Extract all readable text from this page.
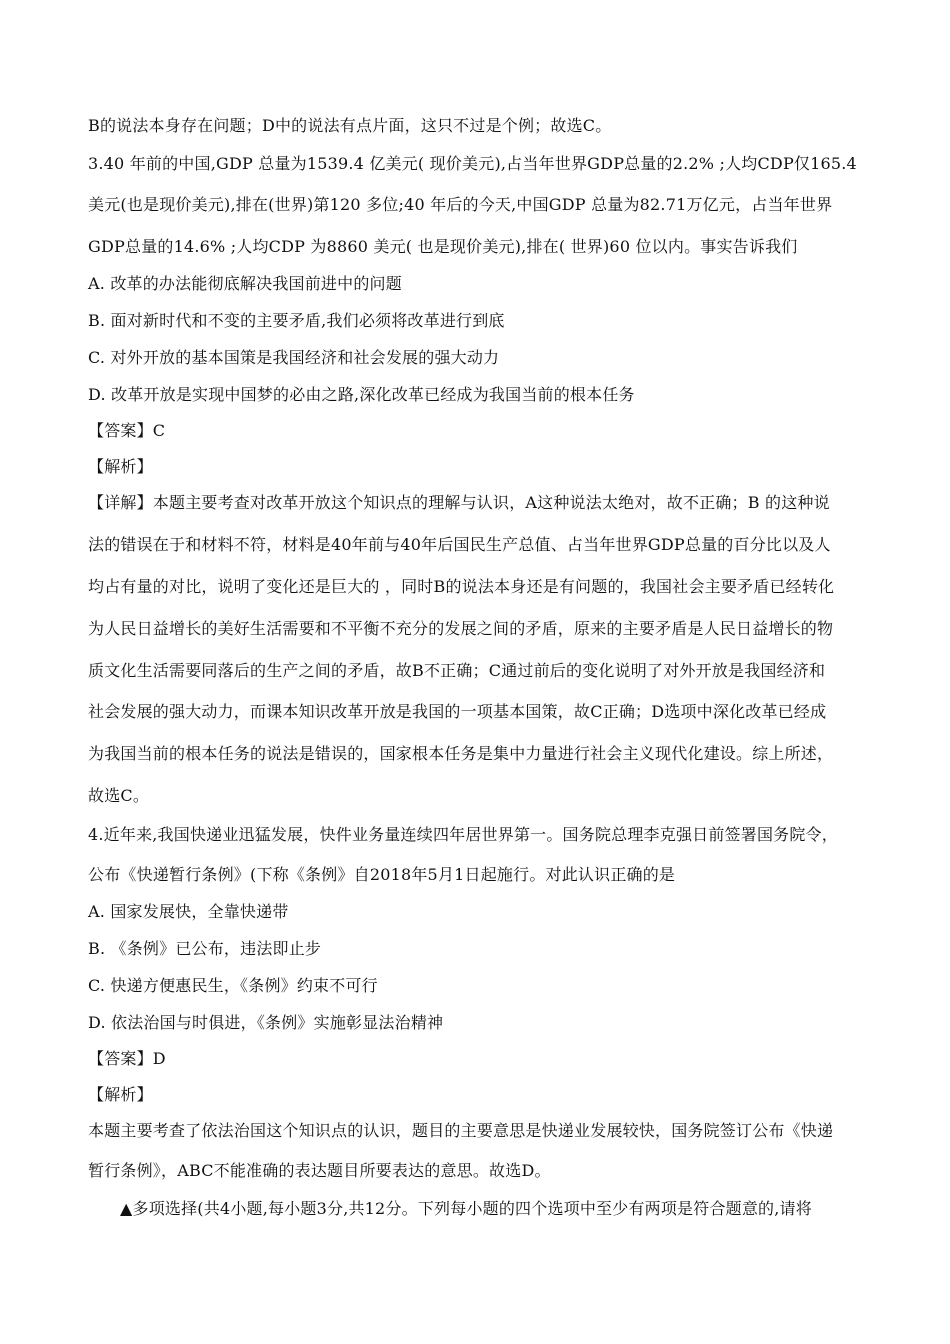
B的说法本身存在问题；D中的说法有点片面，这只不过是个例；故选C。
3.40 年前的中国,GDP 总量为1539.4 亿美元( 现价美元),占当年世界GDP总量的2.2% ;人均CDP仅165.4
美元(也是现价美元),排在(世界)第120 多位;40 年后的今天,中国GDP 总量为82.71万亿元，占当年世界
GDP总量的14.6% ;人均CDP 为8860 美元( 也是现价美元),排在( 世界)60 位以内。事实告诉我们
A. 改革的办法能彻底解决我国前进中的问题
B. 面对新时代和不变的主要矛盾,我们必须将改革进行到底
C. 对外开放的基本国策是我国经济和社会发展的强大动力
D. 改革开放是实现中国梦的必由之路,深化改革已经成为我国当前的根本任务
【答案】C
【解析】
【详解】本题主要考查对改革开放这个知识点的理解与认识，A这种说法太绝对，故不正确；B 的这种说
法的错误在于和材料不符，材料是40年前与40年后国民生产总值、占当年世界GDP总量的百分比以及人
均占有量的对比，说明了变化还是巨大的 ，同时B的说法本身还是有问题的，我国社会主要矛盾已经转化
为人民日益增长的美好生活需要和不平衡不充分的发展之间的矛盾，原来的主要矛盾是人民日益增长的物
质文化生活需要同落后的生产之间的矛盾，故B不正确；C通过前后的变化说明了对外开放是我国经济和
社会发展的强大动力，而课本知识改革开放是我国的一项基本国策，故C正确；D选项中深化改革已经成
为我国当前的根本任务的说法是错误的，国家根本任务是集中力量进行社会主义现代化建设。综上所述，
故选C。
4.近年来,我国快递业迅猛发展，快件业务量连续四年居世界第一。国务院总理李克强日前签署国务院令，
公布《快递暂行条例》(下称《条例》自2018年5月1日起施行。对此认识正确的是
A. 国家发展快，全靠快递带
B. 《条例》已公布，违法即止步
C. 快递方便惠民生，《条例》约束不可行
D. 依法治国与时俱进，《条例》实施彰显法治精神
【答案】D
【解析】
本题主要考查了依法治国这个知识点的认识，题目的主要意思是快递业发展较快，国务院签订公布《快递
暂行条例》，ABC不能准确的表达题目所要表达的意思。故选D。
▲多项选择(共4小题,每小题3分,共12分。下列每小题的四个选项中至少有两项是符合题意的,请将
